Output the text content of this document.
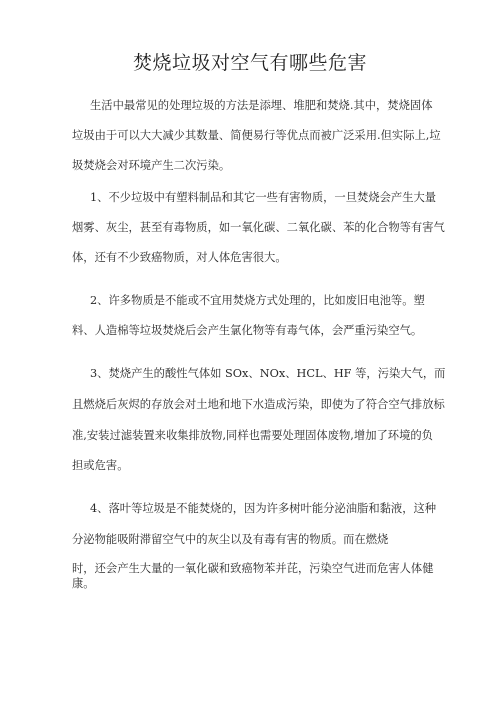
焚烧垃圾对空气有哪些危害
生活中最常见的处理垃圾的方法是添埋、堆肥和焚烧.其中，焚烧固体
垃圾由于可以大大减少其数量、简便易行等优点而被广泛采用.但实际上,垃
圾焚烧会对环境产生二次污染。
1、不少垃圾中有塑料制品和其它一些有害物质，一旦焚烧会产生大量
烟雾、灰尘，甚至有毒物质，如一氧化碳、二氧化碳、苯的化合物等有害气
体，还有不少致癌物质，对人体危害很大。
2、许多物质是不能或不宜用焚烧方式处理的，比如废旧电池等。塑
料、人造棉等垃圾焚烧后会产生氯化物等有毒气体，会严重污染空气。
3、焚烧产生的酸性气体如 SOx、NOx、HCL、HF 等，污染大气，而
且燃烧后灰烬的存放会对土地和地下水造成污染，即使为了符合空气排放标
准,安装过滤装置来收集排放物,同样也需要处理固体废物,增加了环境的负
担或危害。
4、落叶等垃圾是不能焚烧的，因为许多树叶能分泌油脂和黏液，这种
分泌物能吸附滞留空气中的灰尘以及有毒有害的物质。而在燃烧
时，还会产生大量的一氧化碳和致癌物苯并芘，污染空气进而危害人体健
康。
